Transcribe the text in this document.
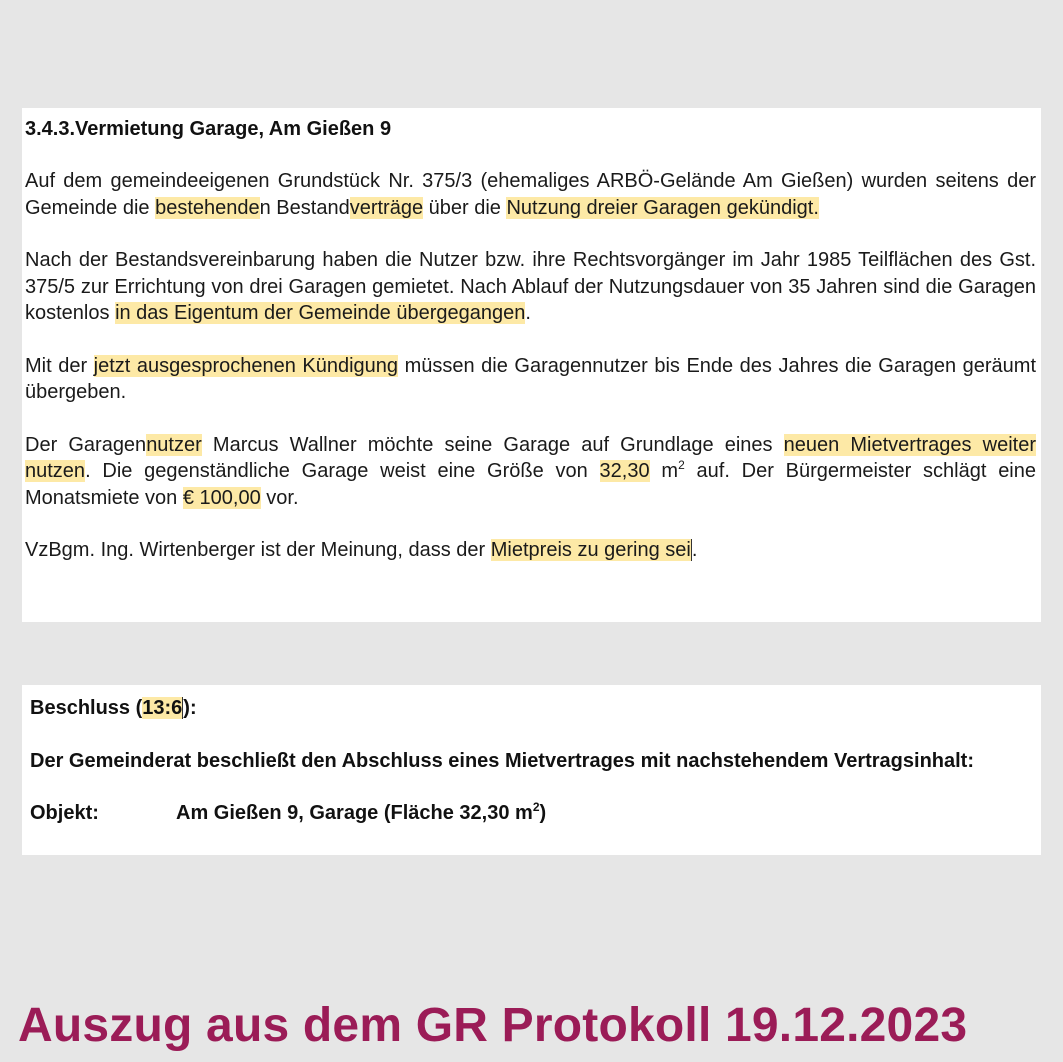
3.4.3.Vermietung Garage, Am Gießen 9
Auf dem gemeindeeigenen Grundstück Nr. 375/3 (ehemaliges ARBÖ-Gelände Am Gießen) wurden seitens der Gemeinde die bestehenden Bestandverträge über die Nutzung dreier Garagen gekündigt.
Nach der Bestandsvereinbarung haben die Nutzer bzw. ihre Rechtsvorgänger im Jahr 1985 Teilflächen des Gst. 375/5 zur Errichtung von drei Garagen gemietet. Nach Ablauf der Nutzungsdauer von 35 Jahren sind die Garagen kostenlos in das Eigentum der Gemeinde übergegangen.
Mit der jetzt ausgesprochenen Kündigung müssen die Garagennutzer bis Ende des Jahres die Garagen geräumt übergeben.
Der Garagennutzer Marcus Wallner möchte seine Garage auf Grundlage eines neuen Mietvertrages weiter nutzen. Die gegenständliche Garage weist eine Größe von 32,30 $m^2$ auf. Der Bürgermeister schlägt eine Monatsmiete von € 100,00 vor.
VzBgm. Ing. Wirtenberger ist der Meinung, dass der Mietpreis zu gering sei.
Beschluss (13:6):
Der Gemeinderat beschließt den Abschluss eines Mietvertrages mit nachstehendem Vertragsinhalt:
Objekt:	Am Gießen 9, Garage (Fläche 32,30 $m^2$)
Auszug aus dem GR Protokoll 19.12.2023
